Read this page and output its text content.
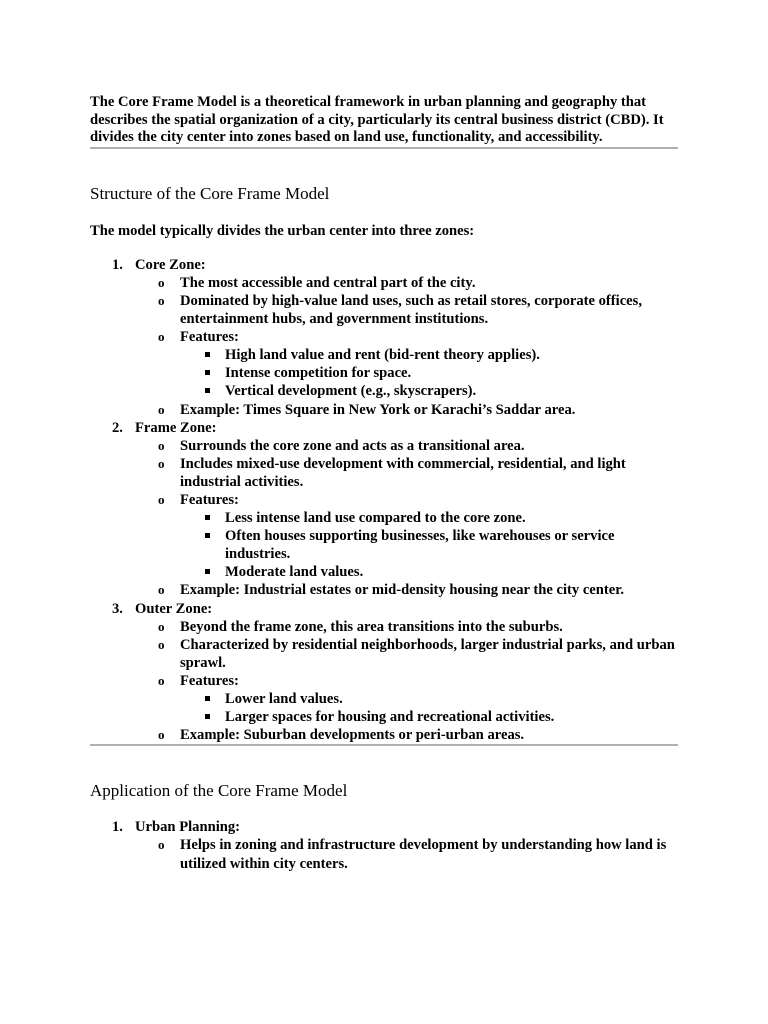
The Core Frame Model is a theoretical framework in urban planning and geography that describes the spatial organization of a city, particularly its central business district (CBD). It divides the city center into zones based on land use, functionality, and accessibility.

Structure of the Core Frame Model

The model typically divides the urban center into three zones:

1. Core Zone:
o The most accessible and central part of the city.
o Dominated by high-value land uses, such as retail stores, corporate offices, entertainment hubs, and government institutions.
o Features:
High land value and rent (bid-rent theory applies).
Intense competition for space.
Vertical development (e.g., skyscrapers).
o Example: Times Square in New York or Karachi’s Saddar area.
2. Frame Zone:
o Surrounds the core zone and acts as a transitional area.
o Includes mixed-use development with commercial, residential, and light industrial activities.
o Features:
Less intense land use compared to the core zone.
Often houses supporting businesses, like warehouses or service industries.
Moderate land values.
o Example: Industrial estates or mid-density housing near the city center.
3. Outer Zone:
o Beyond the frame zone, this area transitions into the suburbs.
o Characterized by residential neighborhoods, larger industrial parks, and urban sprawl.
o Features:
Lower land values.
Larger spaces for housing and recreational activities.
o Example: Suburban developments or peri-urban areas.
Application of the Core Frame Model
1. Urban Planning:
o Helps in zoning and infrastructure development by understanding how land is utilized within city centers.
